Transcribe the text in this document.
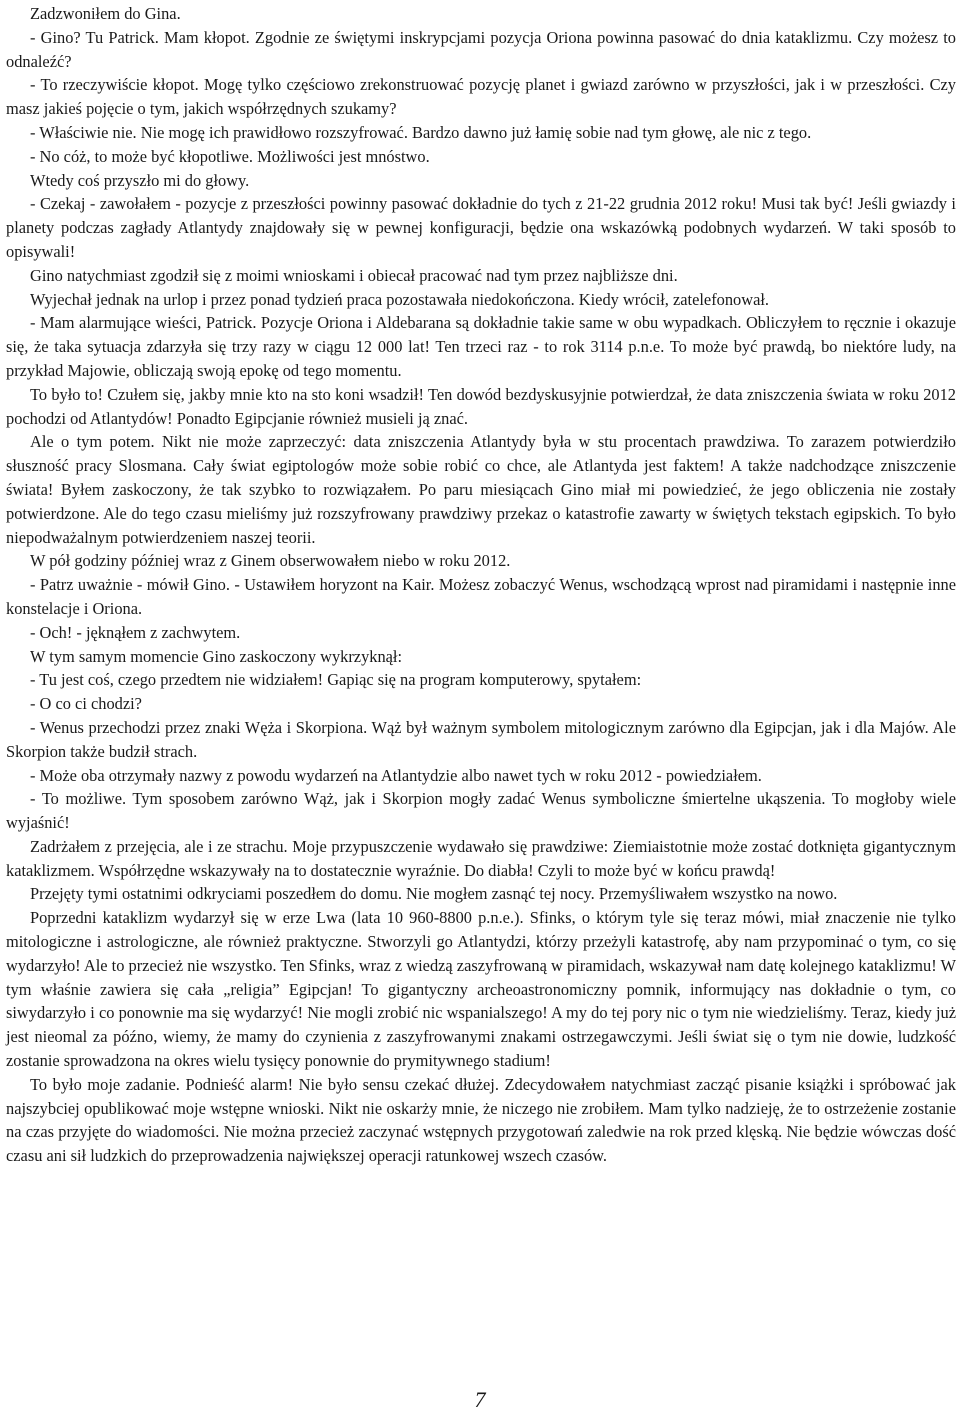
Zadzwoniłem do Gina.

- Gino? Tu Patrick. Mam kłopot. Zgodnie ze świętymi inskrypcjami pozycja Oriona powinna pasować do dnia kataklizmu. Czy możesz to odnaleźć?

- To rzeczywiście kłopot. Mogę tylko częściowo zrekonstruować pozycję planet i gwiazd zarówno w przyszłości, jak i w przeszłości. Czy masz jakieś pojęcie o tym, jakich współrzędnych szukamy?

- Właściwie nie. Nie mogę ich prawidłowo rozszyfrować. Bardzo dawno już łamię sobie nad tym głowę, ale nic z tego.

- No cóż, to może być kłopotliwe. Możliwości jest mnóstwo.

Wtedy coś przyszło mi do głowy.

- Czekaj - zawołałem - pozycje z przeszłości powinny pasować dokładnie do tych z 21-22 grudnia 2012 roku! Musi tak być! Jeśli gwiazdy i planety podczas zagłady Atlantydy znajdowały się w pewnej konfiguracji, będzie ona wskazówką podobnych wydarzeń. W taki sposób to opisywali!

Gino natychmiast zgodził się z moimi wnioskami i obiecał pracować nad tym przez najbliższe dni.

Wyjechał jednak na urlop i przez ponad tydzień praca pozostawała niedokończona. Kiedy wrócił, zatelefonował.

- Mam alarmujące wieści, Patrick. Pozycje Oriona i Aldebarana są dokładnie takie same w obu wypadkach. Obliczyłem to ręcznie i okazuje się, że taka sytuacja zdarzyła się trzy razy w ciągu 12 000 lat! Ten trzeci raz - to rok 3114 p.n.e. To może być prawdą, bo niektóre ludy, na przykład Majowie, obliczają swoją epokę od tego momentu.

To było to! Czułem się, jakby mnie kto na sto koni wsadził! Ten dowód bezdyskusyjnie potwierdzał, że data zniszczenia świata w roku 2012 pochodzi od Atlantydów! Ponadto Egipcjanie również musieli ją znać.

Ale o tym potem. Nikt nie może zaprzeczyć: data zniszczenia Atlantydy była w stu procentach prawdziwa. To zarazem potwierdziło słuszność pracy Slosmana. Cały świat egiptologów może sobie robić co chce, ale Atlantyda jest faktem! A także nadchodzące zniszczenie świata! Byłem zaskoczony, że tak szybko to rozwiązałem. Po paru miesiącach Gino miał mi powiedzieć, że jego obliczenia nie zostały potwierdzone. Ale do tego czasu mieliśmy już rozszyfrowany prawdziwy przekaz o katastrofie zawarty w świętych tekstach egipskich. To było niepodważalnym potwierdzeniem naszej teorii.

W pół godziny później wraz z Ginem obserwowałem niebo w roku 2012.

- Patrz uważnie - mówił Gino. - Ustawiłem horyzont na Kair. Możesz zobaczyć Wenus, wschodzącą wprost nad piramidami i następnie inne konstelacje i Oriona.

- Och! - jęknąłem z zachwytem.

W tym samym momencie Gino zaskoczony wykrzyknął:

- Tu jest coś, czego przedtem nie widziałem! Gapiąc się na program komputerowy, spytałem:

- O co ci chodzi?

- Wenus przechodzi przez znaki Węża i Skorpiona. Wąż był ważnym symbolem mitologicznym zarówno dla Egipcjan, jak i dla Majów. Ale Skorpion także budził strach.

- Może oba otrzymały nazwy z powodu wydarzeń na Atlantydzie albo nawet tych w roku 2012 - powiedziałem.

- To możliwe. Tym sposobem zarówno Wąż, jak i Skorpion mogły zadać Wenus symboliczne śmiertelne ukąszenia. To mogłoby wiele wyjaśnić!

Zadrżałem z przejęcia, ale i ze strachu. Moje przypuszczenie wydawało się prawdziwe: Ziemiaistotnie może zostać dotknięta gigantycznym kataklizmem. Współrzędne wskazywały na to dostatecznie wyraźnie. Do diabła! Czyli to może być w końcu prawdą!

Przejęty tymi ostatnimi odkryciami poszedłem do domu. Nie mogłem zasnąć tej nocy. Przemyśliwałem wszystko na nowo.

Poprzedni kataklizm wydarzył się w erze Lwa (lata 10 960-8800 p.n.e.). Sfinks, o którym tyle się teraz mówi, miał znaczenie nie tylko mitologiczne i astrologiczne, ale również praktyczne. Stworzyli go Atlantydzi, którzy przeżyli katastrofę, aby nam przypominać o tym, co się wydarzyło! Ale to przecież nie wszystko. Ten Sfinks, wraz z wiedzą zaszyfrowaną w piramidach, wskazywał nam datę kolejnego kataklizmu! W tym właśnie zawiera się cała „religia” Egipcjan! To gigantyczny archeoastronomiczny pomnik, informujący nas dokładnie o tym, co siwydarzyło i co ponownie ma się wydarzyć! Nie mogli zrobić nic wspanialszego! A my do tej pory nic o tym nie wiedzieliśmy. Teraz, kiedy już jest nieomal za późno, wiemy, że mamy do czynienia z zaszyfrowanymi znakami ostrzegawczymi. Jeśli świat się o tym nie dowie, ludzkość zostanie sprowadzona na okres wielu tysięcy ponownie do prymitywnego stadium!

To było moje zadanie. Podnieść alarm! Nie było sensu czekać dłużej. Zdecydowałem natychmiast zacząć pisanie książki i spróbować jak najszybciej opublikować moje wstępne wnioski. Nikt nie oskarży mnie, że niczego nie zrobiłem. Mam tylko nadzieję, że to ostrzeżenie zostanie na czas przyjęte do wiadomości. Nie można przecież zaczynać wstępnych przygotowań zaledwie na rok przed klęską. Nie będzie wówczas dość czasu ani sił ludzkich do przeprowadzenia największej operacji ratunkowej wszech czasów.

7
